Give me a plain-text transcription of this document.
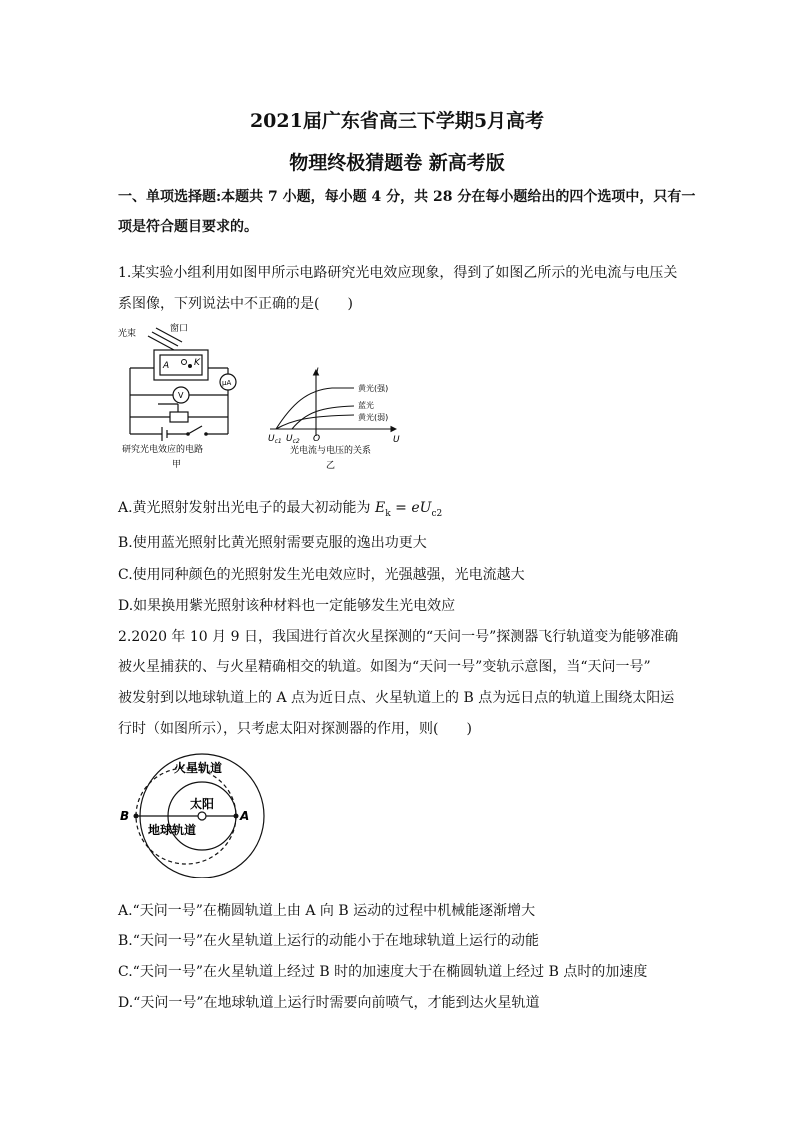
2021届广东省高三下学期5月高考
物理终极猜题卷 新高考版
一、单项选择题:本题共 7 小题，每小题 4 分，共 28 分在每小题给出的四个选项中，只有一
项是符合题目要求的。
1.某实验小组利用如图甲所示电路研究光电效应现象，得到了如图乙所示的光电流与电压关
系图像，下列说法中不正确的是(　　)
光束	窗口
A	K
V
μA
研究光电效应的电路
甲
I
U
O
$U_{c1}$ $U_{c2}$
黄光(强)
蓝光
黄光(弱)
光电流与电压的关系
乙
A.黄光照射发射出光电子的最大初动能为 $E_k = eU_{c2}$
B.使用蓝光照射比黄光照射需要克服的逸出功更大
C.使用同种颜色的光照射发生光电效应时，光强越强，光电流越大
D.如果换用紫光照射该种材料也一定能够发生光电效应
2.2020 年 10 月 9 日，我国进行首次火星探测的“天问一号”探测器飞行轨道变为能够准确
被火星捕获的、与火星精确相交的轨道。如图为“天问一号”变轨示意图，当“天问一号”
被发射到以地球轨道上的 A 点为近日点、火星轨道上的 B 点为远日点的轨道上围绕太阳运
行时（如图所示），只考虑太阳对探测器的作用，则(　　)
火星轨道
地球轨道
太阳
B	A
A.“天问一号”在椭圆轨道上由 A 向 B 运动的过程中机械能逐渐增大
B.“天问一号”在火星轨道上运行的动能小于在地球轨道上运行的动能
C.“天问一号”在火星轨道上经过 B 时的加速度大于在椭圆轨道上经过 B 点时的加速度
D.“天问一号”在地球轨道上运行时需要向前喷气，才能到达火星轨道
